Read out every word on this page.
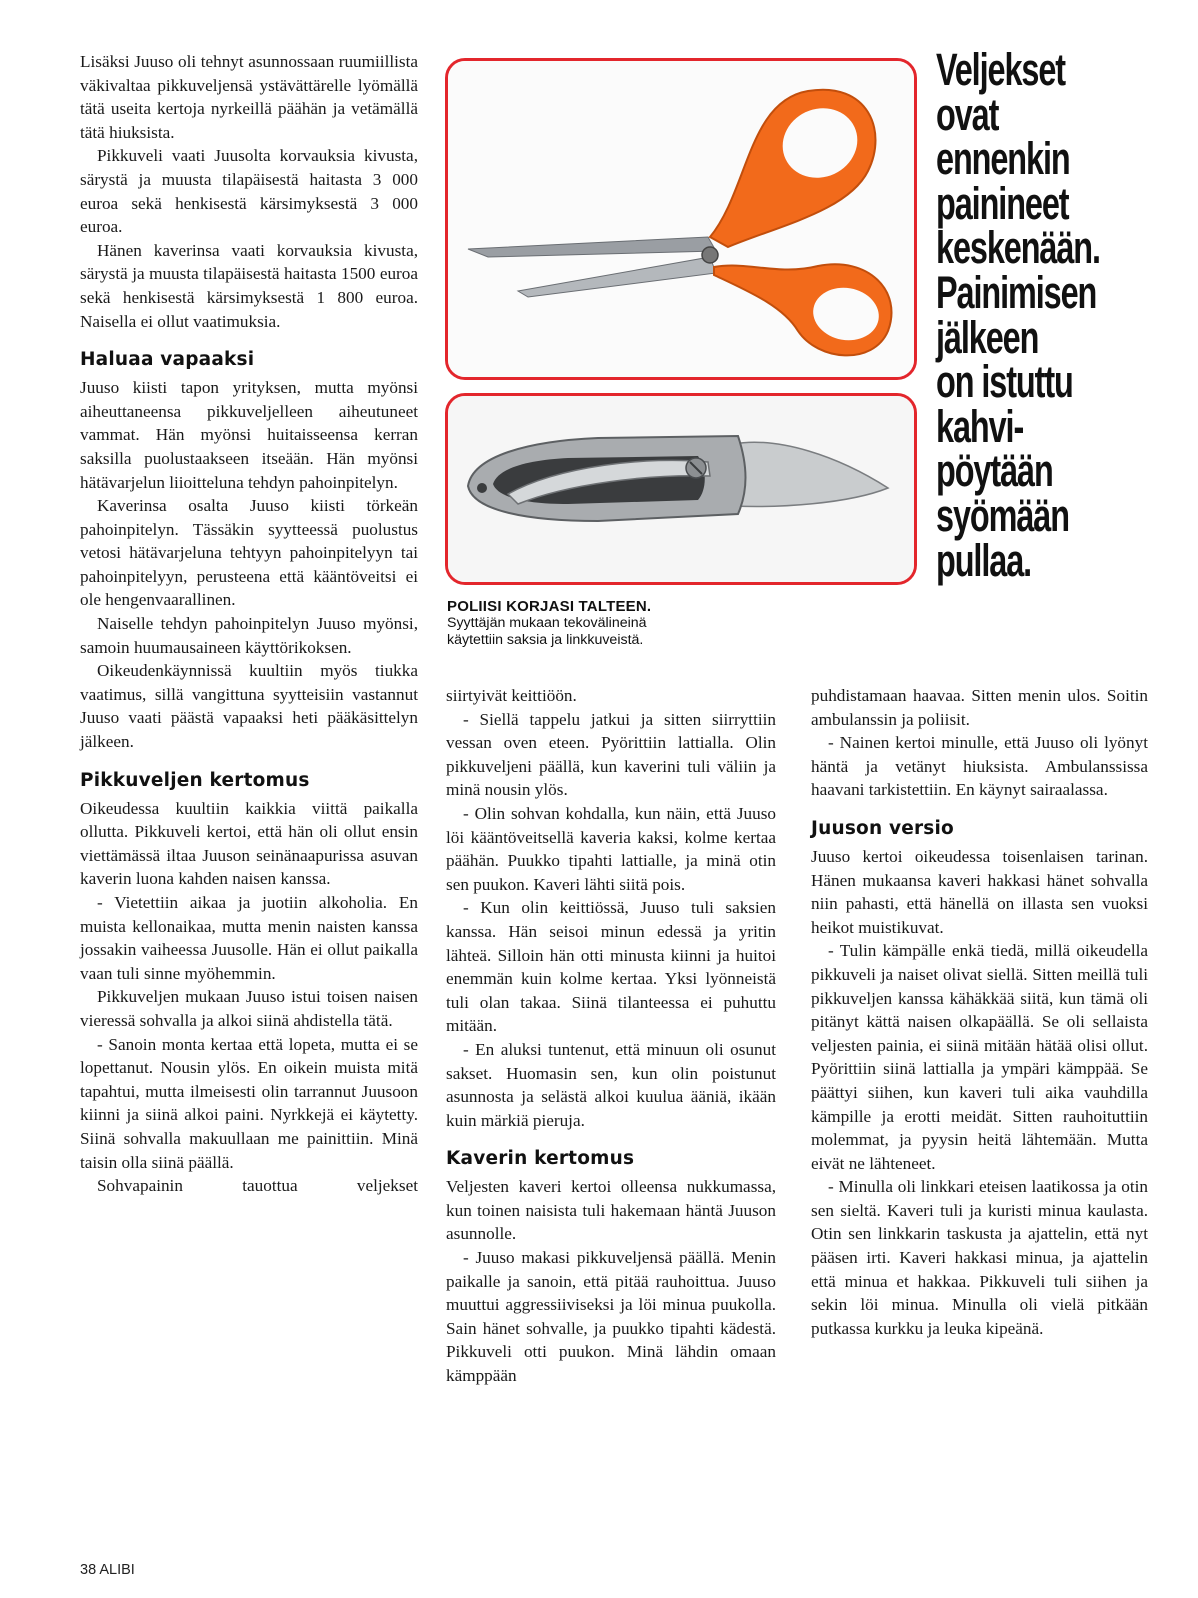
Lisäksi Juuso oli tehnyt asunnossaan ruumiillista väkivaltaa pikkuveljensä ystävättärelle lyömällä tätä useita kertoja nyrkeillä päähän ja vetämällä tätä hiuksista.

Pikkuveli vaati Juusolta korvauksia kivusta, särystä ja muusta tilapäisestä haitasta 3 000 euroa sekä henkisestä kärsimyksestä 3 000 euroa.

Hänen kaverinsa vaati korvauksia kivusta, särystä ja muusta tilapäisestä haitasta 1500 euroa sekä henkisestä kärsimyksestä 1 800 euroa. Naisella ei ollut vaatimuksia.

Haluaa vapaaksi

Juuso kiisti tapon yrityksen, mutta myönsi aiheuttaneensa pikkuveljelleen aiheutuneet vammat. Hän myönsi huitaisseensa kerran saksilla puolustaakseen itseään. Hän myönsi hätävarjelun liioitteluna tehdyn pahoinpitelyn.

Kaverinsa osalta Juuso kiisti törkeän pahoinpitelyn. Tässäkin syytteessä puolustus vetosi hätävarjeluna tehtyyn pahoinpitelyyn tai pahoinpitelyyn, perusteena että kääntöveitsi ei ole hengenvaarallinen.

Naiselle tehdyn pahoinpitelyn Juuso myönsi, samoin huumausaineen käyttörikoksen.

Oikeudenkäynnissä kuultiin myös tiukka vaatimus, sillä vangittuna syytteisiin vastannut Juuso vaati päästä vapaaksi heti pääkäsittelyn jälkeen.

Pikkuveljen kertomus

Oikeudessa kuultiin kaikkia viittä paikalla ollutta. Pikkuveli kertoi, että hän oli ollut ensin viettämässä iltaa Juuson seinänaapurissa asuvan kaverin luona kahden naisen kanssa.

- Vietettiin aikaa ja juotiin alkoholia. En muista kellonaikaa, mutta menin naisten kanssa jossakin vaiheessa Juusolle. Hän ei ollut paikalla vaan tuli sinne myöhemmin.

Pikkuveljen mukaan Juuso istui toisen naisen vieressä sohvalla ja alkoi siinä ahdistella tätä.

- Sanoin monta kertaa että lopeta, mutta ei se lopettanut. Nousin ylös. En oikein muista mitä tapahtui, mutta ilmeisesti olin tarrannut Juusoon kiinni ja siinä alkoi paini. Nyrkkejä ei käytetty. Siinä sohvalla makuullaan me painittiin. Minä taisin olla siinä päällä.

Sohvapainin tauottua veljekset

POLIISI KORJASI TALTEEN.
Syyttäjän mukaan tekovälineinä
käytettiin saksia ja linkkuveistä.
Veljekset
ovat
ennenkin
painineet
keskenään.
Painimisen
jälkeen
on istuttu
kahvi-
pöytään
syömään
pullaa.

siirtyivät keittiöön.

- Siellä tappelu jatkui ja sitten siirryttiin vessan oven eteen. Pyörittiin lattialla. Olin pikkuveljeni päällä, kun kaverini tuli väliin ja minä nousin ylös.

- Olin sohvan kohdalla, kun näin, että Juuso löi kääntöveitsellä kaveria kaksi, kolme kertaa päähän. Puukko tipahti lattialle, ja minä otin sen puukon. Kaveri lähti siitä pois.

- Kun olin keittiössä, Juuso tuli saksien kanssa. Hän seisoi minun edessä ja yritin lähteä. Silloin hän otti minusta kiinni ja huitoi enemmän kuin kolme kertaa. Yksi lyönneistä tuli olan takaa. Siinä tilanteessa ei puhuttu mitään.

- En aluksi tuntenut, että minuun oli osunut sakset. Huomasin sen, kun olin poistunut asunnosta ja selästä alkoi kuulua ääniä, ikään kuin märkiä pieruja.

Kaverin kertomus

Veljesten kaveri kertoi olleensa nukkumassa, kun toinen naisista tuli hakemaan häntä Juuson asunnolle.

- Juuso makasi pikkuveljensä päällä. Menin paikalle ja sanoin, että pitää rauhoittua. Juuso muuttui aggressiiviseksi ja löi minua puukolla. Sain hänet sohvalle, ja puukko tipahti kädestä. Pikkuveli otti puukon. Minä lähdin omaan kämppään

puhdistamaan haavaa. Sitten menin ulos. Soitin ambulanssin ja poliisit.

- Nainen kertoi minulle, että Juuso oli lyönyt häntä ja vetänyt hiuksista. Ambulanssissa haavani tarkistettiin. En käynyt sairaalassa.

Juuson versio

Juuso kertoi oikeudessa toisenlaisen tarinan. Hänen mukaansa kaveri hakkasi hänet sohvalla niin pahasti, että hänellä on illasta sen vuoksi heikot muistikuvat.

- Tulin kämpälle enkä tiedä, millä oikeudella pikkuveli ja naiset olivat siellä. Sitten meillä tuli pikkuveljen kanssa kähäkkää siitä, kun tämä oli pitänyt kättä naisen olkapäällä. Se oli sellaista veljesten painia, ei siinä mitään hätää olisi ollut. Pyörittiin siinä lattialla ja ympäri kämppää. Se päättyi siihen, kun kaveri tuli aika vauhdilla kämpille ja erotti meidät. Sitten rauhoituttiin molemmat, ja pyysin heitä lähtemään. Mutta eivät ne lähteneet.

- Minulla oli linkkari eteisen laatikossa ja otin sen sieltä. Kaveri tuli ja kuristi minua kaulasta. Otin sen linkkarin taskusta ja ajattelin, että nyt pääsen irti. Kaveri hakkasi minua, ja ajattelin että minua et hakkaa. Pikkuveli tuli siihen ja sekin löi minua. Minulla oli vielä pitkään putkassa kurkku ja leuka kipeänä.

38 ALIBI
